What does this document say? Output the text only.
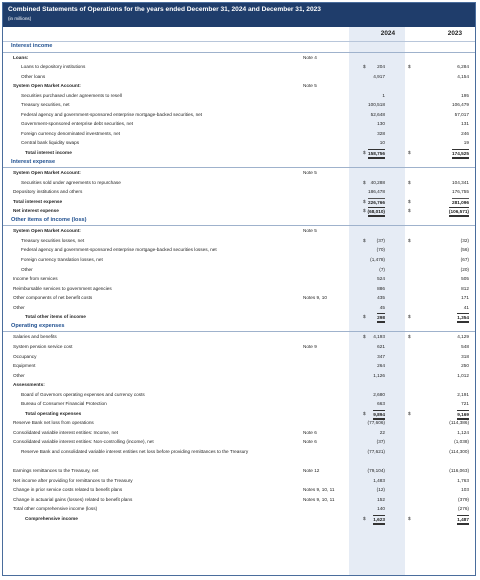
Combined Statements of Operations for the years ended December 31, 2024 and December 31, 2023
(in millions)
2024	2023
Interest income
Loans:	Note 4
Loans to depository institutions	$ 204	$	6,284
Other loans	4,917	4,154
System Open Market Account:	Note 5
Securities purchased under agreements to resell	1	195
Treasury securities, net	100,518	106,479
Federal agency and government-sponsored enterprise mortgage-backed securities, net	52,648	57,017
Government-sponsored enterprise debt securities, net	130	131
Foreign currency denominated investments, net	328	246
Central bank liquidity swaps	10	19
Total interest income	$ 158,756	$	174,525
Interest expense
System Open Market Account:	Note 5
Securities sold under agreements to repurchase	$ 40,288	$	104,341
Depository institutions and others	186,478	176,755
Total interest expense	$ 226,766	$	281,096
Net interest expense	$ (68,010)	$	(106,571)
Other items of income (loss)
System Open Market Account:	Note 5
Treasury securities losses, net	$ (37)	$	(32)
Federal agency and government-sponsored enterprise mortgage-backed securities losses, net	(70)	(56)
Foreign currency translation losses, net	(1,478)	(67)
Other	(7)	(20)
Income from services	524	505
Reimbursable services to government agencies	886	812
Other components of net benefit costs	Notes 9, 10	435	171
Other	45	41
Total other items of income	$ 298	$	1,354
Operating expenses
Salaries and benefits	$ 4,193	$	4,129
System pension service cost	Note 9	621	548
Occupancy	347	318
Equipment	264	250
Other	1,126	1,012
Assessments:
Board of Governors operating expenses and currency costs	2,680	2,191
Bureau of Consumer Financial Protection	663	721
Total operating expenses	$ 9,894	$	9,169
Reserve Bank net loss from operations	(77,606)	(114,386)
Consolidated variable interest entities: Income, net	Note 6	22	1,124
Consolidated variable interest entities: Non-controlling (income), net	Note 6	(37)	(1,038)
Reserve Bank and consolidated variable interest entities net loss before providing remittances to the Treasury	(77,621)	(114,300)
Earnings remittances to the Treasury, net	Note 12	(79,104)	(116,063)
Net income after providing for remittances to the Treasury	1,483	1,763
Change in prior service costs related to benefit plans	Notes 9, 10, 11	(12)	103
Change in actuarial gains (losses) related to benefit plans	Notes 9, 10, 11	152	(379)
Total other comprehensive income (loss)	140	(276)
Comprehensive income	$ 1,623	$	1,487
